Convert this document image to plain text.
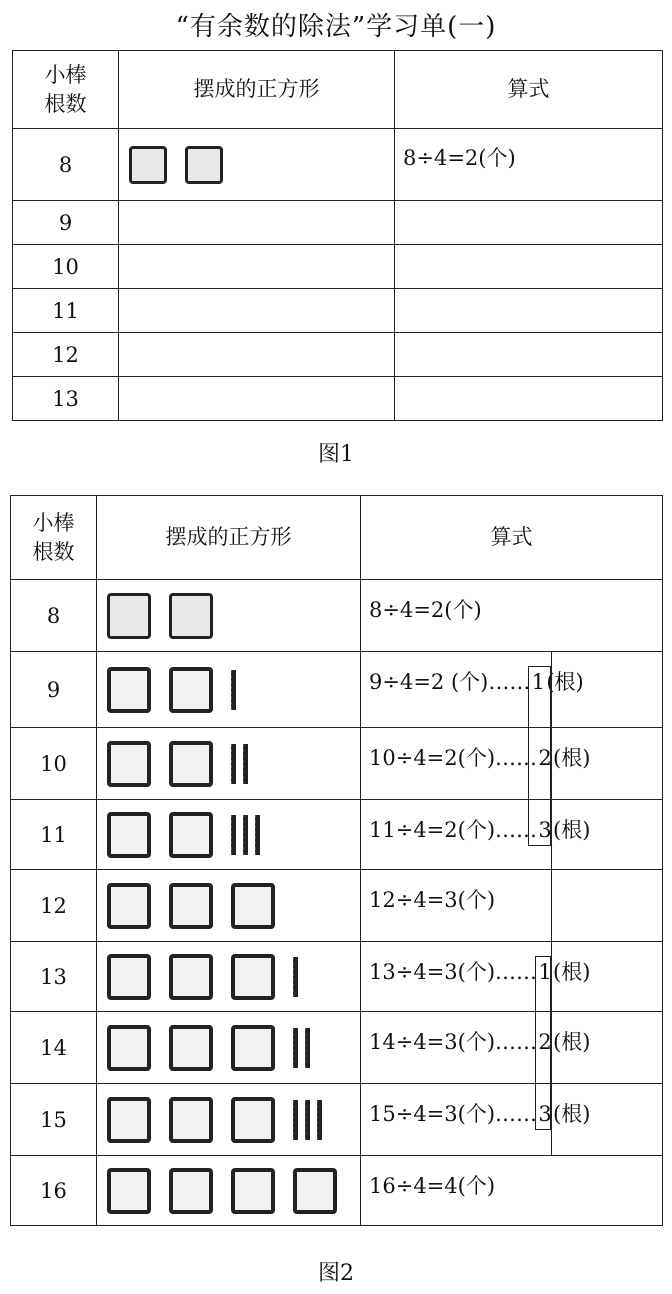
“有余数的除法”学习单(一)
小棒
根数	摆成的正方形	算式
8		8÷4=2(个)
9		
10		
11		
12		
13		
图1
小棒
根数	摆成的正方形	算式
8		8÷4=2(个)
9		9÷4=2 (个)……1(根)
10		10÷4=2(个)……2(根)
11		11÷4=2(个)……3(根)
12		12÷4=3(个)
13		13÷4=3(个)……1(根)
14		14÷4=3(个)……2(根)
15		15÷4=3(个)……3(根)
16		16÷4=4(个)
图2
